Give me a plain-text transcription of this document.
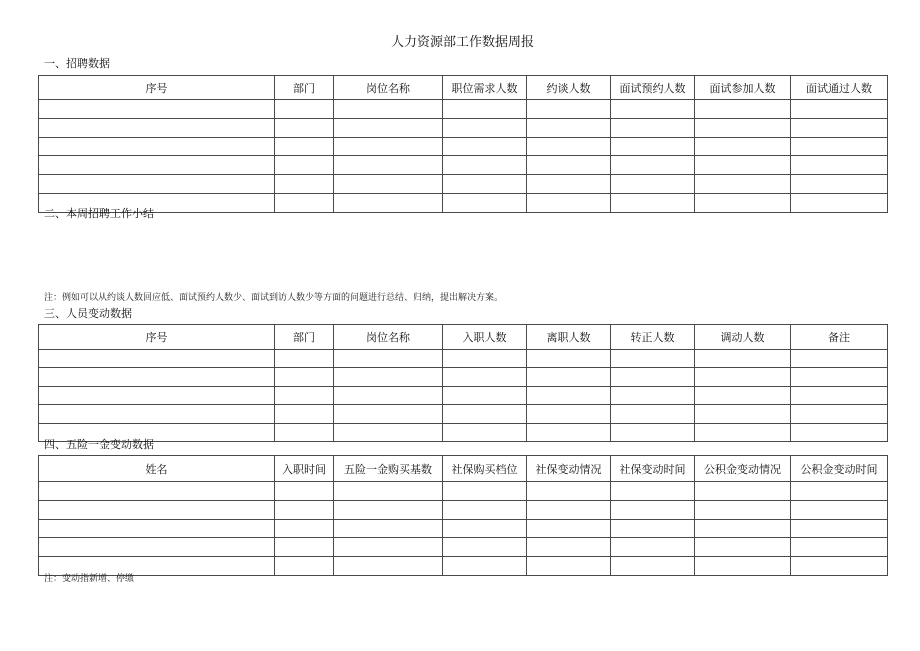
人力资源部工作数据周报
一、招聘数据
序号	部门	岗位名称	职位需求人数	约谈人数	面试预约人数	面试参加人数	面试通过人数

二、本周招聘工作小结
注：例如可以从约谈人数回应低、面试预约人数少、面试到访人数少等方面的问题进行总结、归纳，提出解决方案。
三、人员变动数据
序号	部门	岗位名称	入职人数	离职人数	转正人数	调动人数	备注

四、五险一金变动数据
姓名	入职时间	五险一金购买基数	社保购买档位	社保变动情况	社保变动时间	公积金变动情况	公积金变动时间

注：变动指新增、停缴
